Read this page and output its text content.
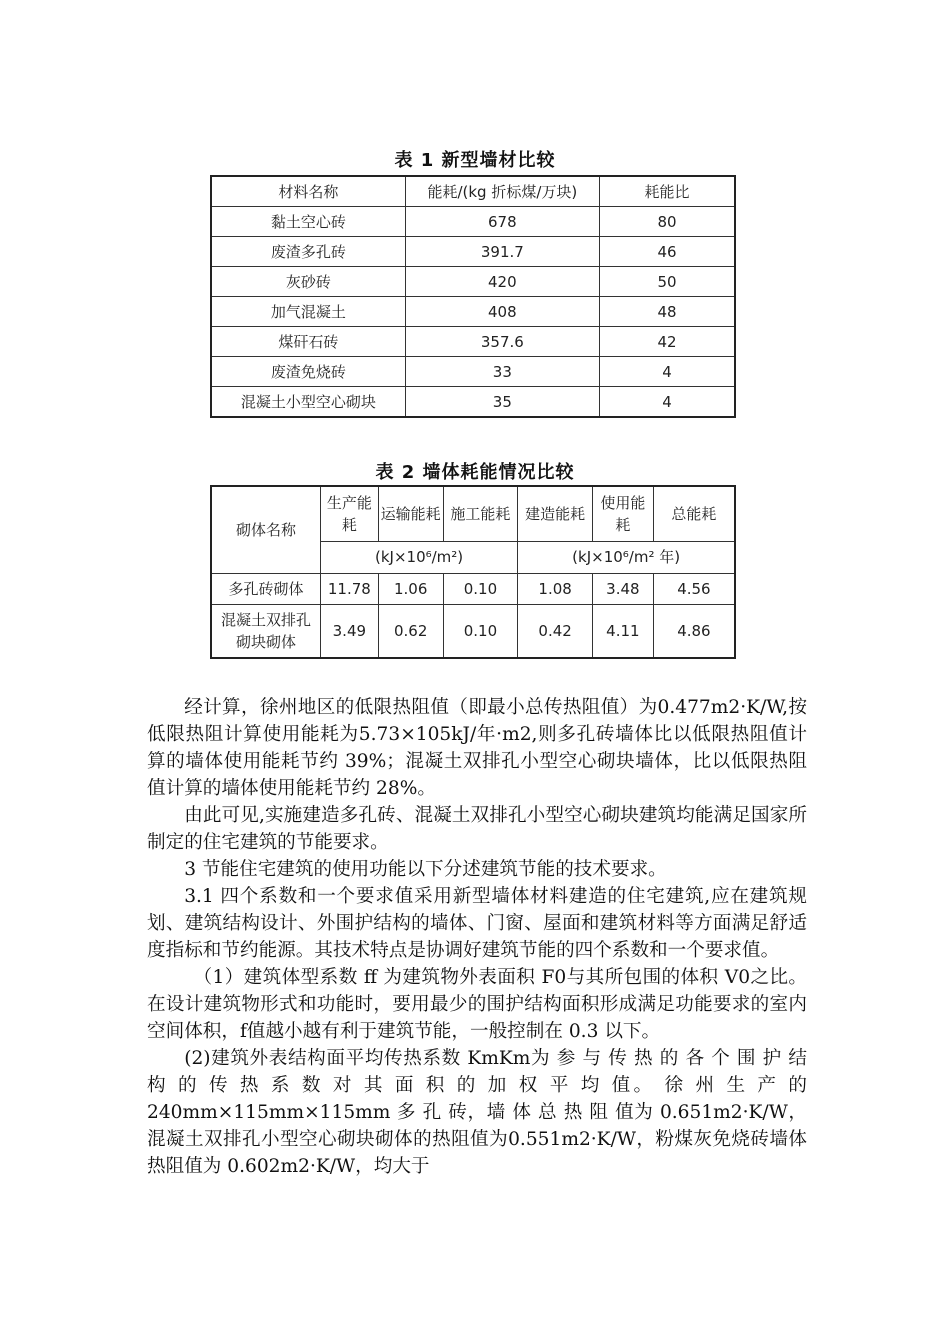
表 1 新型墙材比较
材料名称	能耗/(kg 折标煤/万块)	耗能比
黏土空心砖	678	80
废渣多孔砖	391.7	46
灰砂砖	420	50
加气混凝土	408	48
煤矸石砖	357.6	42
废渣免烧砖	33	4
混凝土小型空心砌块	35	4
表 2 墙体耗能情况比较
砌体名称	生产能耗	运输能耗	施工能耗	建造能耗	使用能耗	总能耗
	(kJ×10⁶/m²)			(kJ×10⁶/m² 年)		
多孔砖砌体	11.78	1.06	0.10	1.08	3.48	4.56
混凝土双排孔砌块砌体	3.49	0.62	0.10	0.42	4.11	4.86

经计算，徐州地区的低限热阻值（即最小总传热阻值）为0.477m2·K/W,按低限热阻计算使用能耗为5.73×105kJ/年·m2,则多孔砖墙体比以低限热阻值计算的墙体使用能耗节约 39%；混凝土双排孔小型空心砌块墙体，比以低限热阻值计算的墙体使用能耗节约 28%。

由此可见,实施建造多孔砖、混凝土双排孔小型空心砌块建筑均能满足国家所制定的住宅建筑的节能要求。

3 节能住宅建筑的使用功能以下分述建筑节能的技术要求。

3.1 四个系数和一个要求值采用新型墙体材料建造的住宅建筑,应在建筑规划、建筑结构设计、外围护结构的墙体、门窗、屋面和建筑材料等方面满足舒适度指标和节约能源。其技术特点是协调好建筑节能的四个系数和一个要求值。

（1）建筑体型系数 ff 为建筑物外表面积 F0与其所包围的体积 V0之比。在设计建筑物形式和功能时，要用最少的围护结构面积形成满足功能要求的室内空间体积，f值越小越有利于建筑节能，一般控制在 0.3 以下。

(2)建筑外表结构面平均传热系数 KmKm为 参 与 传 热 的 各 个 围 护 结 构 的 传 热 系 数 对 其 面 积 的 加 权 平 均 值。 徐 州 生 产 的240mm×115mm×115mm 多 孔 砖，墙 体 总 热 阻 值为 0.651m2·K/W，混凝土双排孔小型空心砌块砌体的热阻值为0.551m2·K/W，粉煤灰免烧砖墙体热阻值为 0.602m2·K/W，均大于
